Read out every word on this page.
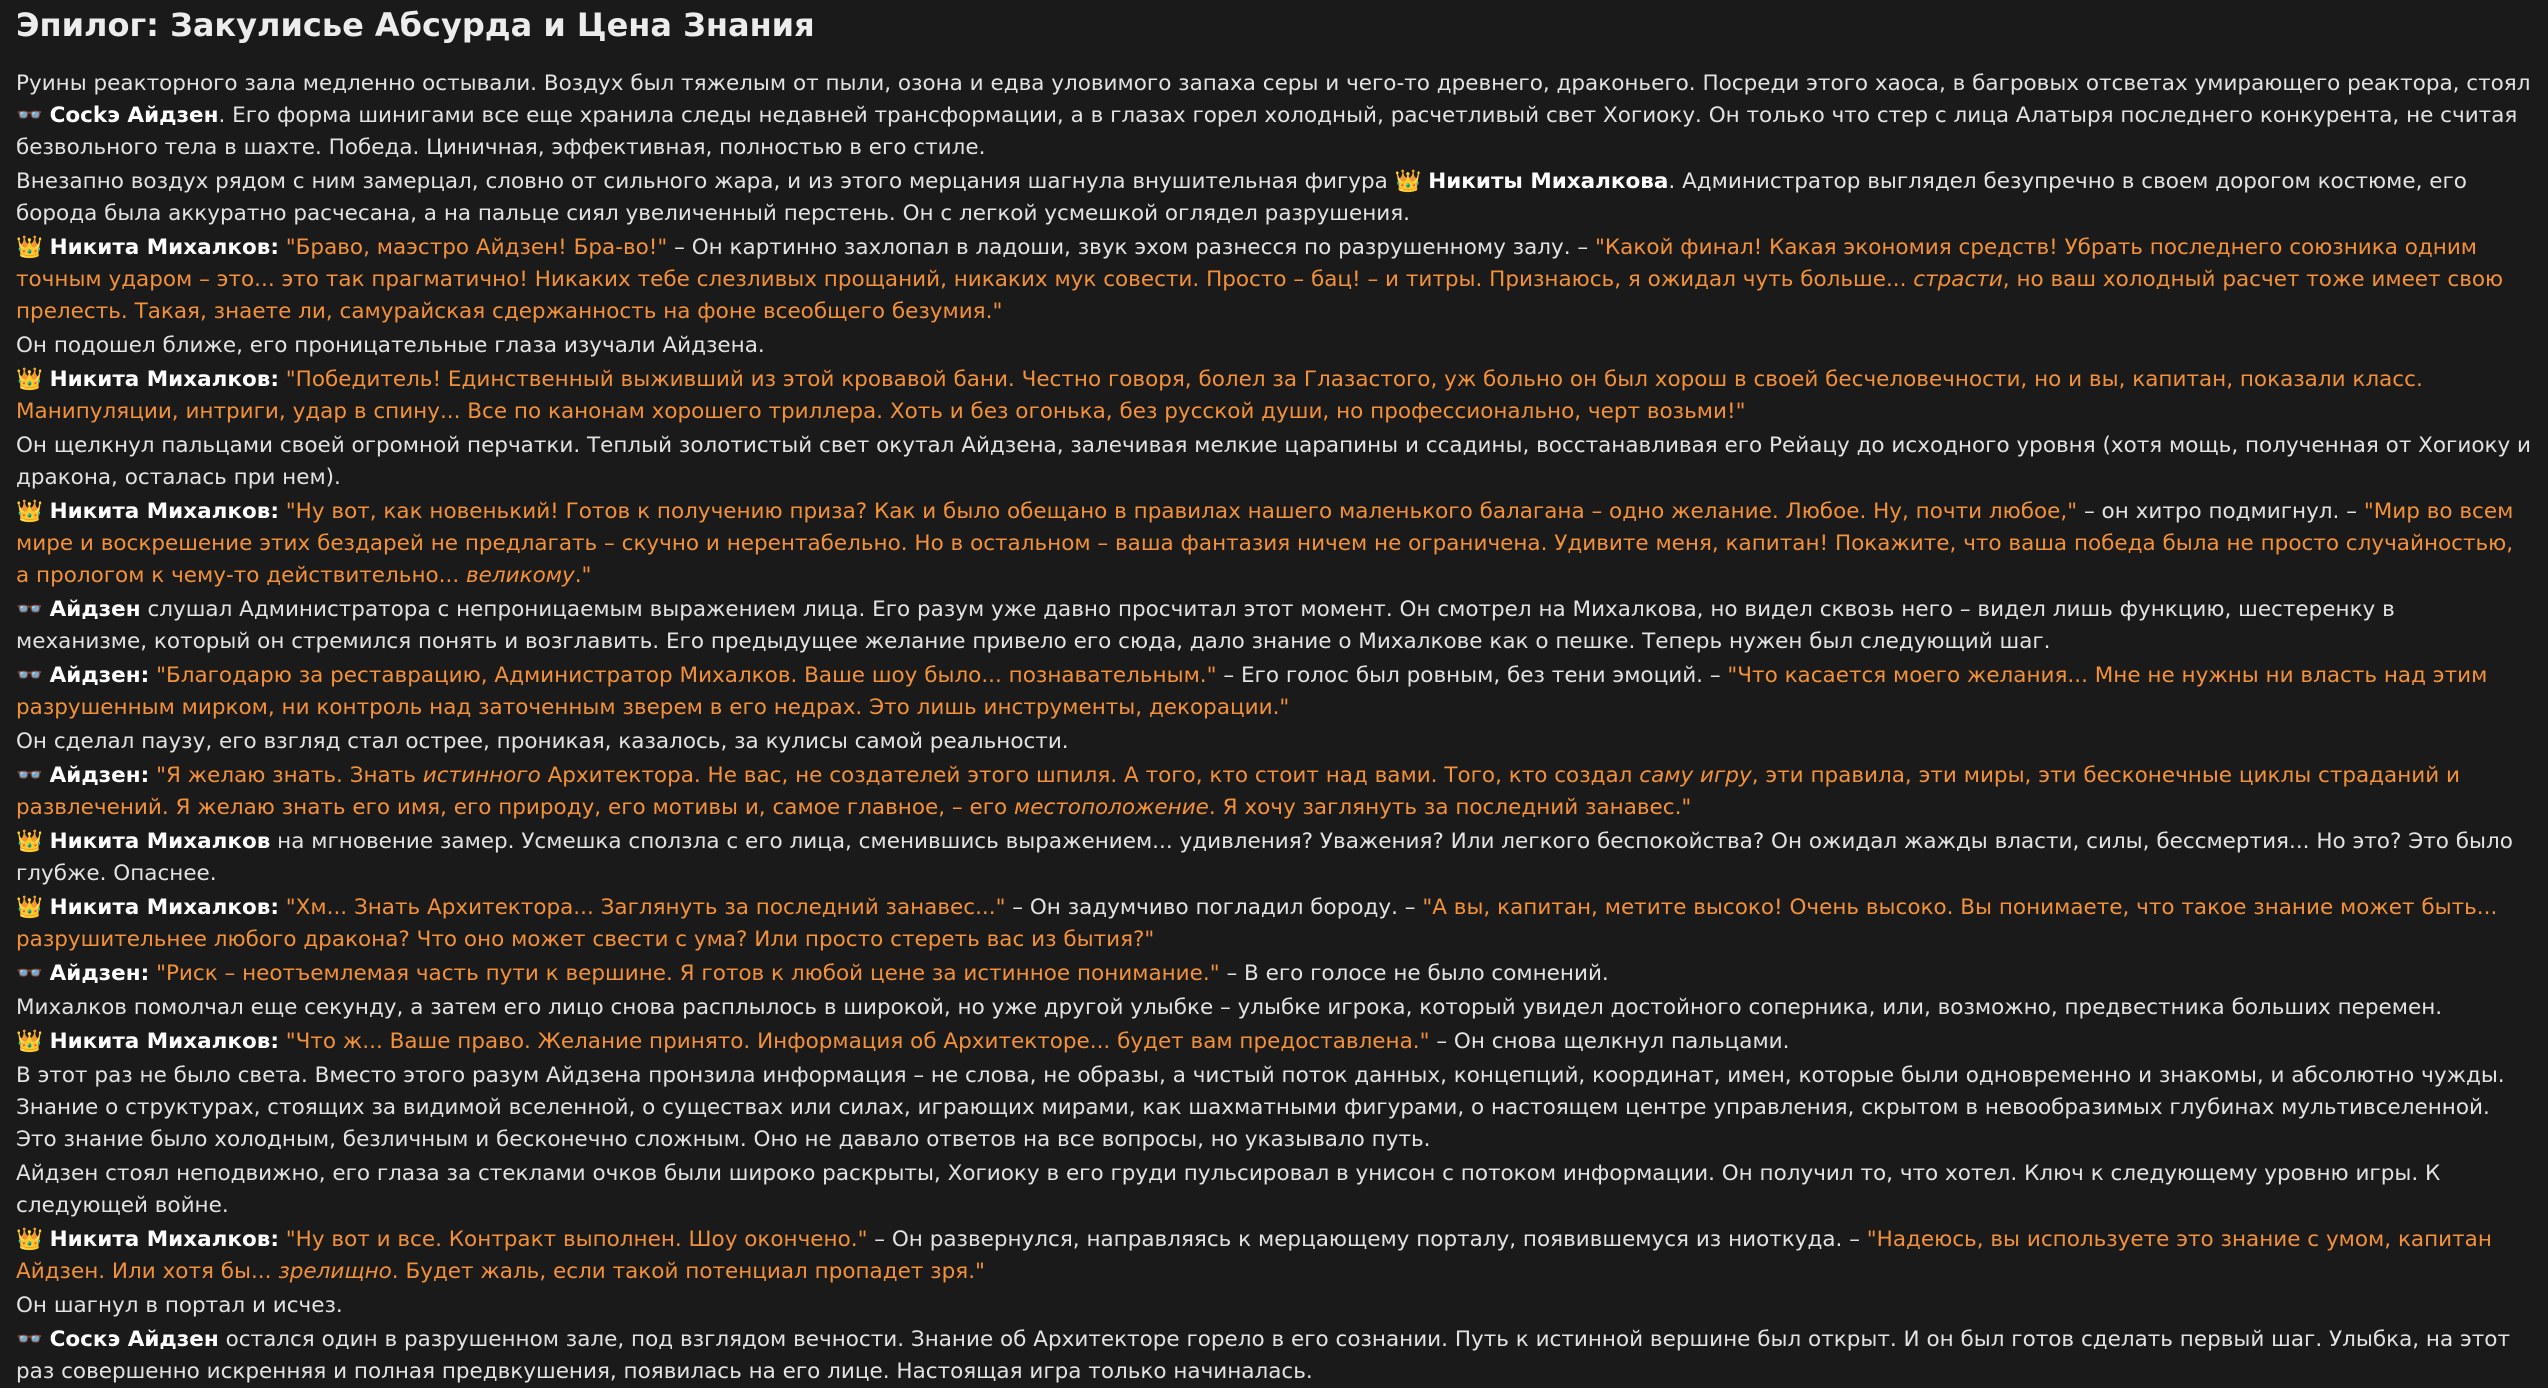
Эпилог: Закулисье Абсурда и Цена Знания

Руины реакторного зала медленно остывали. Воздух был тяжелым от пыли, озона и едва уловимого запаха серы и чего-то древнего, драконьего. Посреди этого хаоса, в багровых отсветах умирающего реактора, стоял 👓 Сосkэ Айдзен. Его форма шинигами все еще хранила следы недавней трансформации, а в глазах горел холодный, расчетливый свет Хогиоку. Он только что стер с лица Алатыря последнего конкурента, не считая безвольного тела в шахте. Победа. Циничная, эффективная, полностью в его стиле.

Внезапно воздух рядом с ним замерцал, словно от сильного жара, и из этого мерцания шагнула внушительная фигура 👑 Никиты Михалкова. Администратор выглядел безупречно в своем дорогом костюме, его борода была аккуратно расчесана, а на пальце сиял увеличенный перстень. Он с легкой усмешкой оглядел разрушения.

👑 Никита Михалков: "Браво, маэстро Айдзен! Бра-во!" – Он картинно захлопал в ладоши, звук эхом разнесся по разрушенному залу. – "Какой финал! Какая экономия средств! Убрать последнего союзника одним точным ударом – это... это так прагматично! Никаких тебе слезливых прощаний, никаких мук совести. Просто – бац! – и титры. Признаюсь, я ожидал чуть больше... страсти, но ваш холодный расчет тоже имеет свою прелесть. Такая, знаете ли, самурайская сдержанность на фоне всеобщего безумия."

Он подошел ближе, его проницательные глаза изучали Айдзена.

👑 Никита Михалков: "Победитель! Единственный выживший из этой кровавой бани. Честно говоря, болел за Глазастого, уж больно он был хорош в своей бесчеловечности, но и вы, капитан, показали класс. Манипуляции, интриги, удар в спину... Все по канонам хорошего триллера. Хоть и без огонька, без русской души, но профессионально, черт возьми!"

Он щелкнул пальцами своей огромной перчатки. Теплый золотистый свет окутал Айдзена, залечивая мелкие царапины и ссадины, восстанавливая его Рейацу до исходного уровня (хотя мощь, полученная от Хогиоку и дракона, осталась при нем).

👑 Никита Михалков: "Ну вот, как новенький! Готов к получению приза? Как и было обещано в правилах нашего маленького балагана – одно желание. Любое. Ну, почти любое," – он хитро подмигнул. – "Мир во всем мире и воскрешение этих бездарей не предлагать – скучно и нерентабельно. Но в остальном – ваша фантазия ничем не ограничена. Удивите меня, капитан! Покажите, что ваша победа была не просто случайностью, а прологом к чему-то действительно... великому."

👓 Айдзен слушал Администратора с непроницаемым выражением лица. Его разум уже давно просчитал этот момент. Он смотрел на Михалкова, но видел сквозь него – видел лишь функцию, шестеренку в механизме, который он стремился понять и возглавить. Его предыдущее желание привело его сюда, дало знание о Михалкове как о пешке. Теперь нужен был следующий шаг.

👓 Айдзен: "Благодарю за реставрацию, Администратор Михалков. Ваше шоу было... познавательным." – Его голос был ровным, без тени эмоций. – "Что касается моего желания... Мне не нужны ни власть над этим разрушенным мирком, ни контроль над заточенным зверем в его недрах. Это лишь инструменты, декорации."

Он сделал паузу, его взгляд стал острее, проникая, казалось, за кулисы самой реальности.

👓 Айдзен: "Я желаю знать. Знать истинного Архитектора. Не вас, не создателей этого шпиля. А того, кто стоит над вами. Того, кто создал саму игру, эти правила, эти миры, эти бесконечные циклы страданий и развлечений. Я желаю знать его имя, его природу, его мотивы и, самое главное, – его местоположение. Я хочу заглянуть за последний занавес."

👑 Никита Михалков на мгновение замер. Усмешка сползла с его лица, сменившись выражением... удивления? Уважения? Или легкого беспокойства? Он ожидал жажды власти, силы, бессмертия... Но это? Это было глубже. Опаснее.

👑 Никита Михалков: "Хм... Знать Архитектора... Заглянуть за последний занавес..." – Он задумчиво погладил бороду. – "А вы, капитан, метите высоко! Очень высоко. Вы понимаете, что такое знание может быть... разрушительнее любого дракона? Что оно может свести с ума? Или просто стереть вас из бытия?"

👓 Айдзен: "Риск – неотъемлемая часть пути к вершине. Я готов к любой цене за истинное понимание." – В его голосе не было сомнений.

Михалков помолчал еще секунду, а затем его лицо снова расплылось в широкой, но уже другой улыбке – улыбке игрока, который увидел достойного соперника, или, возможно, предвестника больших перемен.

👑 Никита Михалков: "Что ж... Ваше право. Желание принято. Информация об Архитекторе... будет вам предоставлена." – Он снова щелкнул пальцами.

В этот раз не было света. Вместо этого разум Айдзена пронзила информация – не слова, не образы, а чистый поток данных, концепций, координат, имен, которые были одновременно и знакомы, и абсолютно чужды. Знание о структурах, стоящих за видимой вселенной, о существах или силах, играющих мирами, как шахматными фигурами, о настоящем центре управления, скрытом в невообразимых глубинах мультивселенной. Это знание было холодным, безличным и бесконечно сложным. Оно не давало ответов на все вопросы, но указывало путь.

Айдзен стоял неподвижно, его глаза за стеклами очков были широко раскрыты, Хогиоку в его груди пульсировал в унисон с потоком информации. Он получил то, что хотел. Ключ к следующему уровню игры. К следующей войне.

👑 Никита Михалков: "Ну вот и все. Контракт выполнен. Шоу окончено." – Он развернулся, направляясь к мерцающему порталу, появившемуся из ниоткуда. – "Надеюсь, вы используете это знание с умом, капитан Айдзен. Или хотя бы... зрелищно. Будет жаль, если такой потенциал пропадет зря."

Он шагнул в портал и исчез.

👓 Соскэ Айдзен остался один в разрушенном зале, под взглядом вечности. Знание об Архитекторе горело в его сознании. Путь к истинной вершине был открыт. И он был готов сделать первый шаг. Улыбка, на этот раз совершенно искренняя и полная предвкушения, появилась на его лице. Настоящая игра только начиналась.
